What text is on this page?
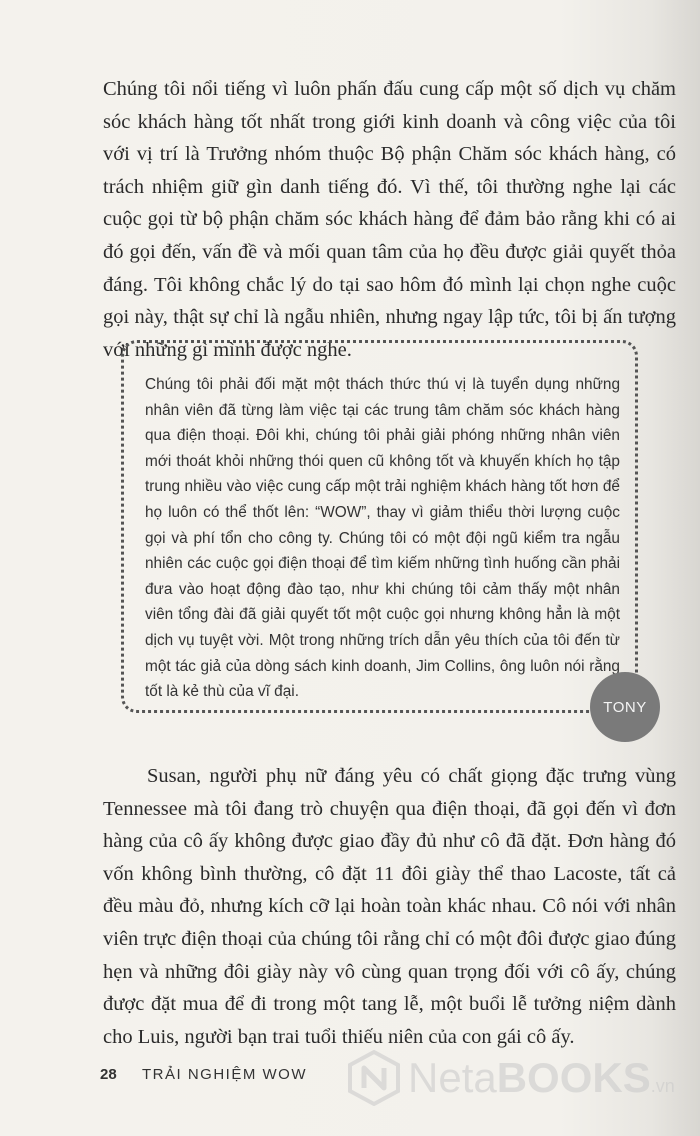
Chúng tôi nổi tiếng vì luôn phấn đấu cung cấp một số dịch vụ chăm sóc khách hàng tốt nhất trong giới kinh doanh và công việc của tôi với vị trí là Trưởng nhóm thuộc Bộ phận Chăm sóc khách hàng, có trách nhiệm giữ gìn danh tiếng đó. Vì thế, tôi thường nghe lại các cuộc gọi từ bộ phận chăm sóc khách hàng để đảm bảo rằng khi có ai đó gọi đến, vấn đề và mối quan tâm của họ đều được giải quyết thỏa đáng. Tôi không chắc lý do tại sao hôm đó mình lại chọn nghe cuộc gọi này, thật sự chỉ là ngẫu nhiên, nhưng ngay lập tức, tôi bị ấn tượng với những gì mình được nghe.

Chúng tôi phải đối mặt một thách thức thú vị là tuyển dụng những nhân viên đã từng làm việc tại các trung tâm chăm sóc khách hàng qua điện thoại. Đôi khi, chúng tôi phải giải phóng những nhân viên mới thoát khỏi những thói quen cũ không tốt và khuyến khích họ tập trung nhiều vào việc cung cấp một trải nghiệm khách hàng tốt hơn để họ luôn có thể thốt lên: “WOW”, thay vì giảm thiểu thời lượng cuộc gọi và phí tổn cho công ty. Chúng tôi có một đội ngũ kiểm tra ngẫu nhiên các cuộc gọi điện thoại để tìm kiếm những tình huống cần phải đưa vào hoạt động đào tạo, như khi chúng tôi cảm thấy một nhân viên tổng đài đã giải quyết tốt một cuộc gọi nhưng không hẳn là một dịch vụ tuyệt vời. Một trong những trích dẫn yêu thích của tôi đến từ một tác giả của dòng sách kinh doanh, Jim Collins, ông luôn nói rằng tốt là kẻ thù của vĩ đại.

TONY

Susan, người phụ nữ đáng yêu có chất giọng đặc trưng vùng Tennessee mà tôi đang trò chuyện qua điện thoại, đã gọi đến vì đơn hàng của cô ấy không được giao đầy đủ như cô đã đặt. Đơn hàng đó vốn không bình thường, cô đặt 11 đôi giày thể thao Lacoste, tất cả đều màu đỏ, nhưng kích cỡ lại hoàn toàn khác nhau. Cô nói với nhân viên trực điện thoại của chúng tôi rằng chỉ có một đôi được giao đúng hẹn và những đôi giày này vô cùng quan trọng đối với cô ấy, chúng được đặt mua để đi trong một tang lễ, một buổi lễ tưởng niệm dành cho Luis, người bạn trai tuổi thiếu niên của con gái cô ấy.

28 TRẢI NGHIỆM WOW NetaBOOKS.vn
